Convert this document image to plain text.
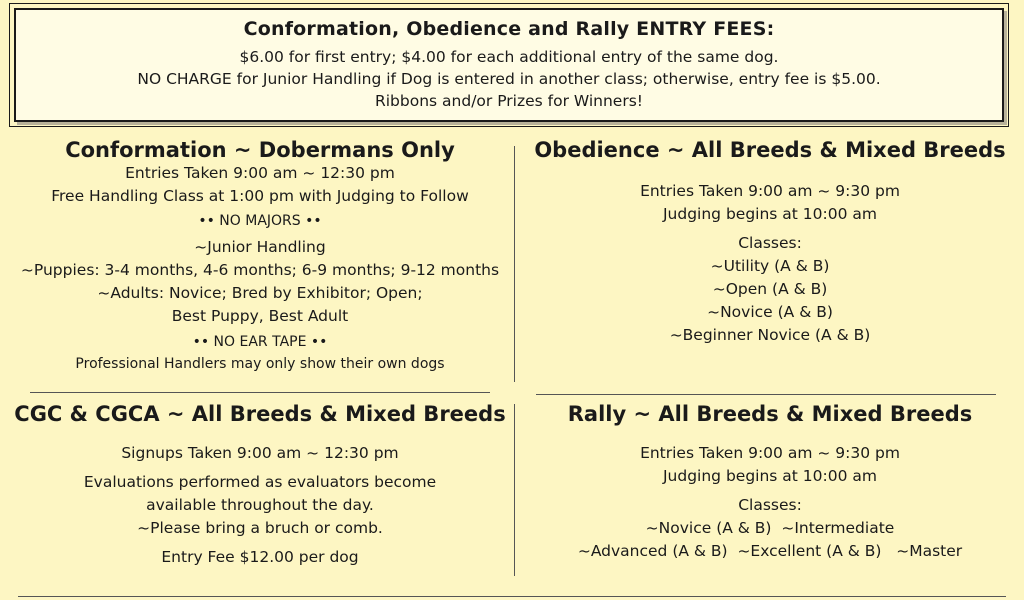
Conformation, Obedience and Rally ENTRY FEES:
$6.00 for first entry; $4.00 for each additional entry of the same dog.
NO CHARGE for Junior Handling if Dog is entered in another class; otherwise, entry fee is $5.00.
Ribbons and/or Prizes for Winners!
Conformation ~ Dobermans Only
Entries Taken 9:00 am ~ 12:30 pm
Free Handling Class at 1:00 pm with Judging to Follow
•• NO MAJORS ••
~Junior Handling
~Puppies: 3-4 months, 4-6 months; 6-9 months; 9-12 months
~Adults: Novice; Bred by Exhibitor; Open;
Best Puppy, Best Adult
•• NO EAR TAPE ••
Professional Handlers may only show their own dogs
Obedience ~ All Breeds & Mixed Breeds
Entries Taken 9:00 am ~ 9:30 pm
Judging begins at 10:00 am
Classes:
~Utility (A & B)
~Open (A & B)
~Novice (A & B)
~Beginner Novice (A & B)
CGC & CGCA ~ All Breeds & Mixed Breeds
Signups Taken 9:00 am ~ 12:30 pm
Evaluations performed as evaluators become
available throughout the day.
~Please bring a bruch or comb.
Entry Fee $12.00 per dog
Rally ~ All Breeds & Mixed Breeds
Entries Taken 9:00 am ~ 9:30 pm
Judging begins at 10:00 am
Classes:
~Novice (A & B)  ~Intermediate
~Advanced (A & B)  ~Excellent (A & B)   ~Master
